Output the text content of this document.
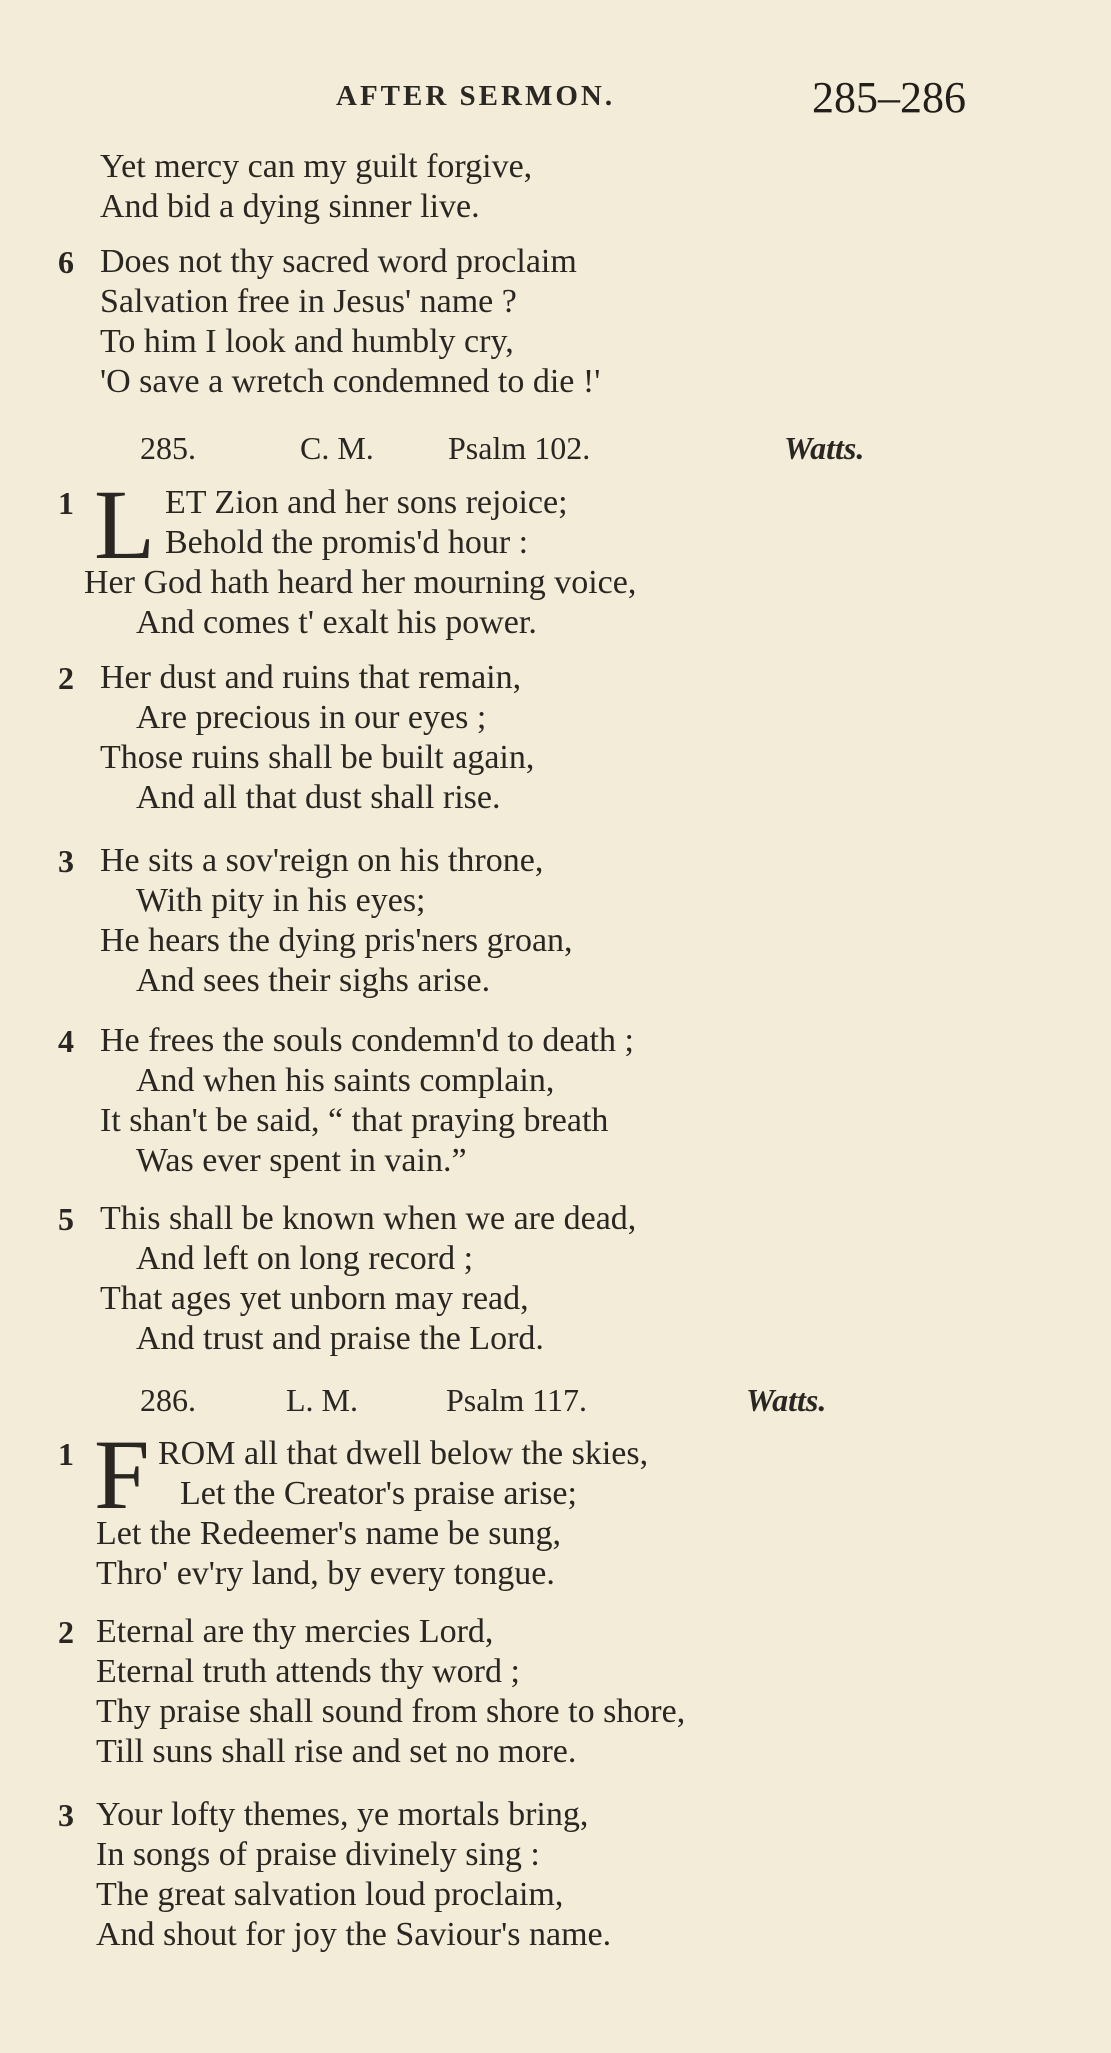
AFTER SERMON.	285–286
Yet mercy can my guilt forgive,
And bid a dying sinner live.
6 Does not thy sacred word proclaim
Salvation free in Jesus' name ?
To him I look and humbly cry,
'O save a wretch condemned to die !'
285.	C. M. Psalm 102.	Watts.
1 L ET Zion and her sons rejoice;
Behold the promis'd hour :
Her God hath heard her mourning voice,
And comes t' exalt his power.
2 Her dust and ruins that remain,
Are precious in our eyes ;
Those ruins shall be built again,
And all that dust shall rise.
3 He sits a sov'reign on his throne,
With pity in his eyes;
He hears the dying pris'ners groan,
And sees their sighs arise.
4 He frees the souls condemn'd to death ;
And when his saints complain,
It shan't be said, “ that praying breath
Was ever spent in vain.”
5 This shall be known when we are dead,
And left on long record ;
That ages yet unborn may read,
And trust and praise the Lord.
286.	L. M.	Psalm 117.	Watts.
1 F ROM all that dwell below the skies,
Let the Creator's praise arise;
Let the Redeemer's name be sung,
Thro' ev'ry land, by every tongue.
2 Eternal are thy mercies Lord,
Eternal truth attends thy word ;
Thy praise shall sound from shore to shore,
Till suns shall rise and set no more.
3 Your lofty themes, ye mortals bring,
In songs of praise divinely sing :
The great salvation loud proclaim,
And shout for joy the Saviour's name.
